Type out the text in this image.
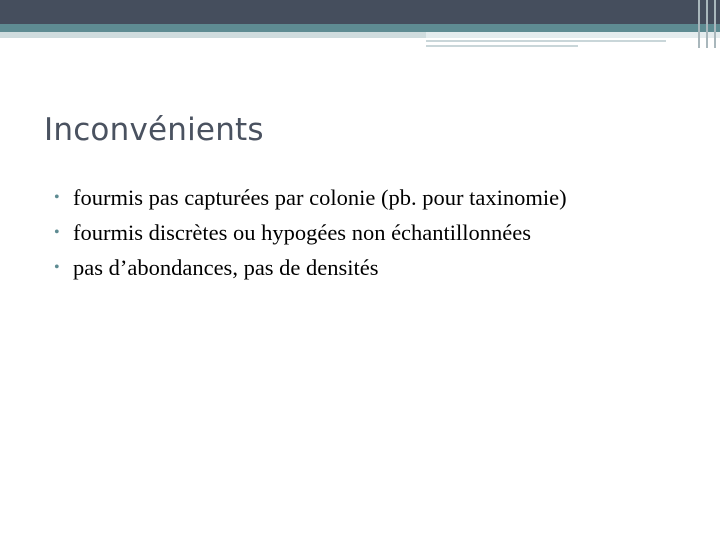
Inconvénients
• fourmis pas capturées par colonie (pb. pour taxinomie)
• fourmis discrètes ou hypogées non échantillonnées
• pas d’abondances, pas de densités
